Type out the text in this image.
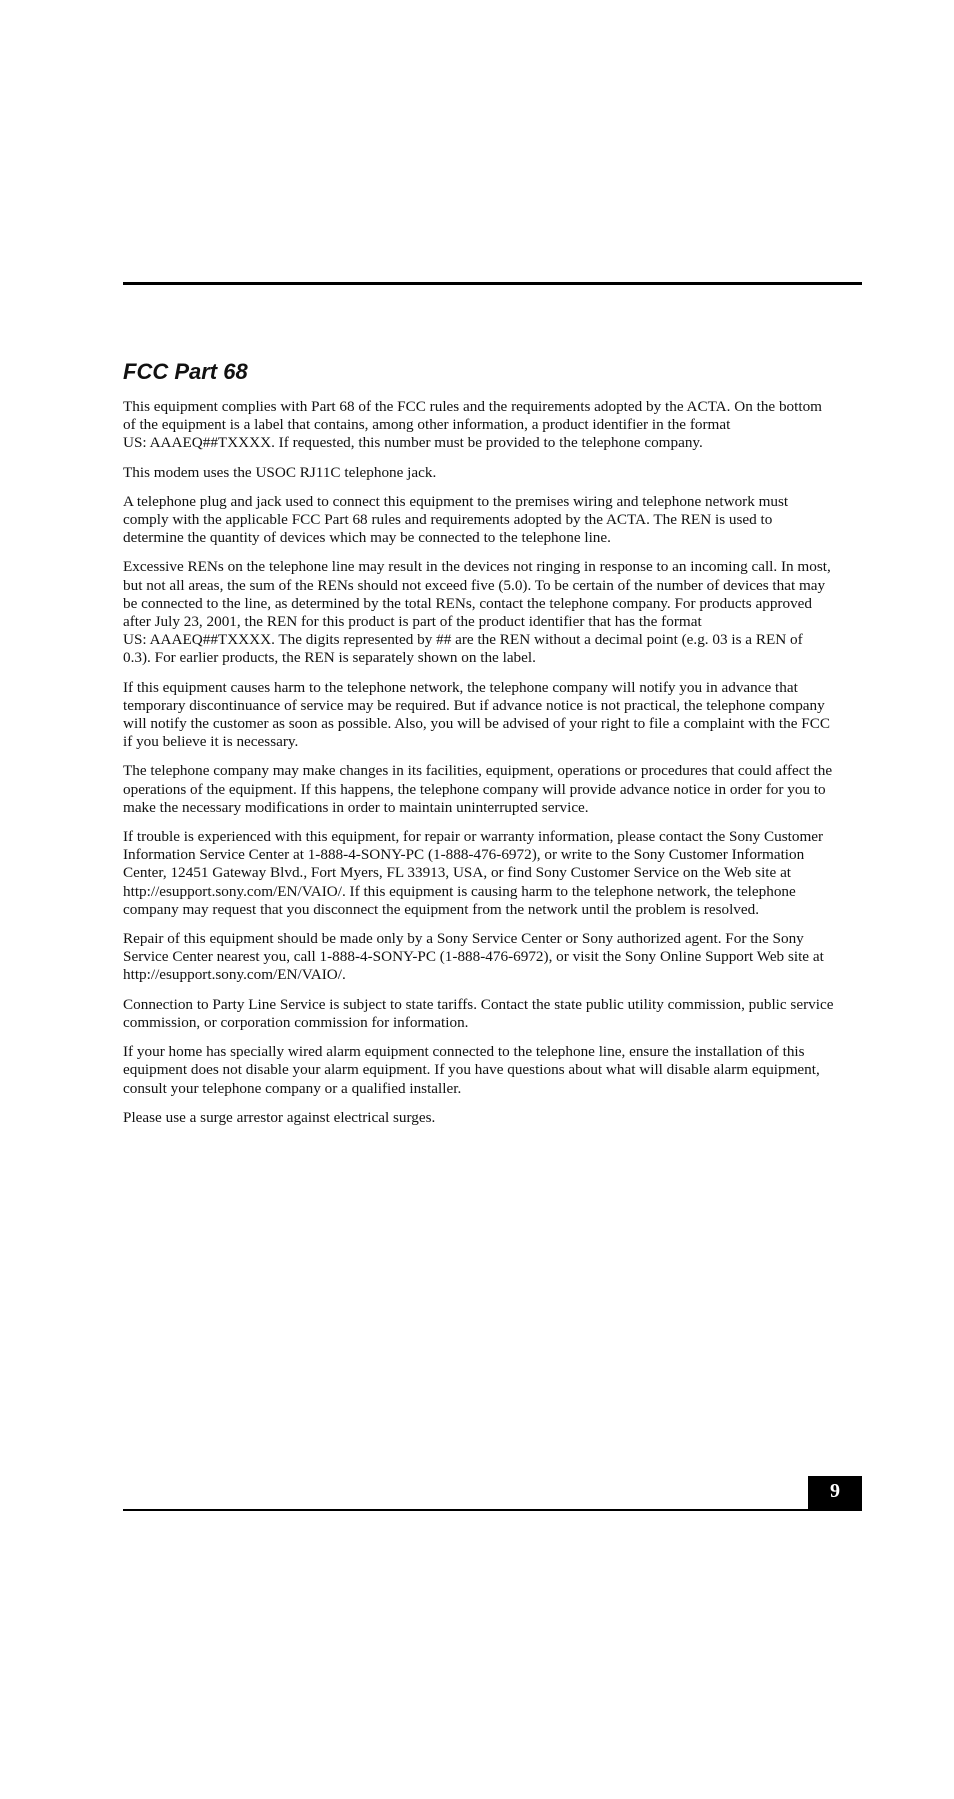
FCC Part 68

This equipment complies with Part 68 of the FCC rules and the requirements adopted by the ACTA. On the bottom
of the equipment is a label that contains, among other information, a product identifier in the format
US: AAAEQ##TXXXX. If requested, this number must be provided to the telephone company.

This modem uses the USOC RJ11C telephone jack.

A telephone plug and jack used to connect this equipment to the premises wiring and telephone network must
comply with the applicable FCC Part 68 rules and requirements adopted by the ACTA. The REN is used to
determine the quantity of devices which may be connected to the telephone line.

Excessive RENs on the telephone line may result in the devices not ringing in response to an incoming call. In most,
but not all areas, the sum of the RENs should not exceed five (5.0). To be certain of the number of devices that may
be connected to the line, as determined by the total RENs, contact the telephone company. For products approved
after July 23, 2001, the REN for this product is part of the product identifier that has the format
US: AAAEQ##TXXXX. The digits represented by ## are the REN without a decimal point (e.g. 03 is a REN of
0.3). For earlier products, the REN is separately shown on the label.

If this equipment causes harm to the telephone network, the telephone company will notify you in advance that
temporary discontinuance of service may be required. But if advance notice is not practical, the telephone company
will notify the customer as soon as possible. Also, you will be advised of your right to file a complaint with the FCC
if you believe it is necessary.

The telephone company may make changes in its facilities, equipment, operations or procedures that could affect the
operations of the equipment. If this happens, the telephone company will provide advance notice in order for you to
make the necessary modifications in order to maintain uninterrupted service.

If trouble is experienced with this equipment, for repair or warranty information, please contact the Sony Customer
Information Service Center at 1-888-4-SONY-PC (1-888-476-6972), or write to the Sony Customer Information
Center, 12451 Gateway Blvd., Fort Myers, FL 33913, USA, or find Sony Customer Service on the Web site at
http://esupport.sony.com/EN/VAIO/. If this equipment is causing harm to the telephone network, the telephone
company may request that you disconnect the equipment from the network until the problem is resolved.

Repair of this equipment should be made only by a Sony Service Center or Sony authorized agent. For the Sony
Service Center nearest you, call 1-888-4-SONY-PC (1-888-476-6972), or visit the Sony Online Support Web site at
http://esupport.sony.com/EN/VAIO/.

Connection to Party Line Service is subject to state tariffs. Contact the state public utility commission, public service
commission, or corporation commission for information.

If your home has specially wired alarm equipment connected to the telephone line, ensure the installation of this
equipment does not disable your alarm equipment. If you have questions about what will disable alarm equipment,
consult your telephone company or a qualified installer.

Please use a surge arrestor against electrical surges.

9
